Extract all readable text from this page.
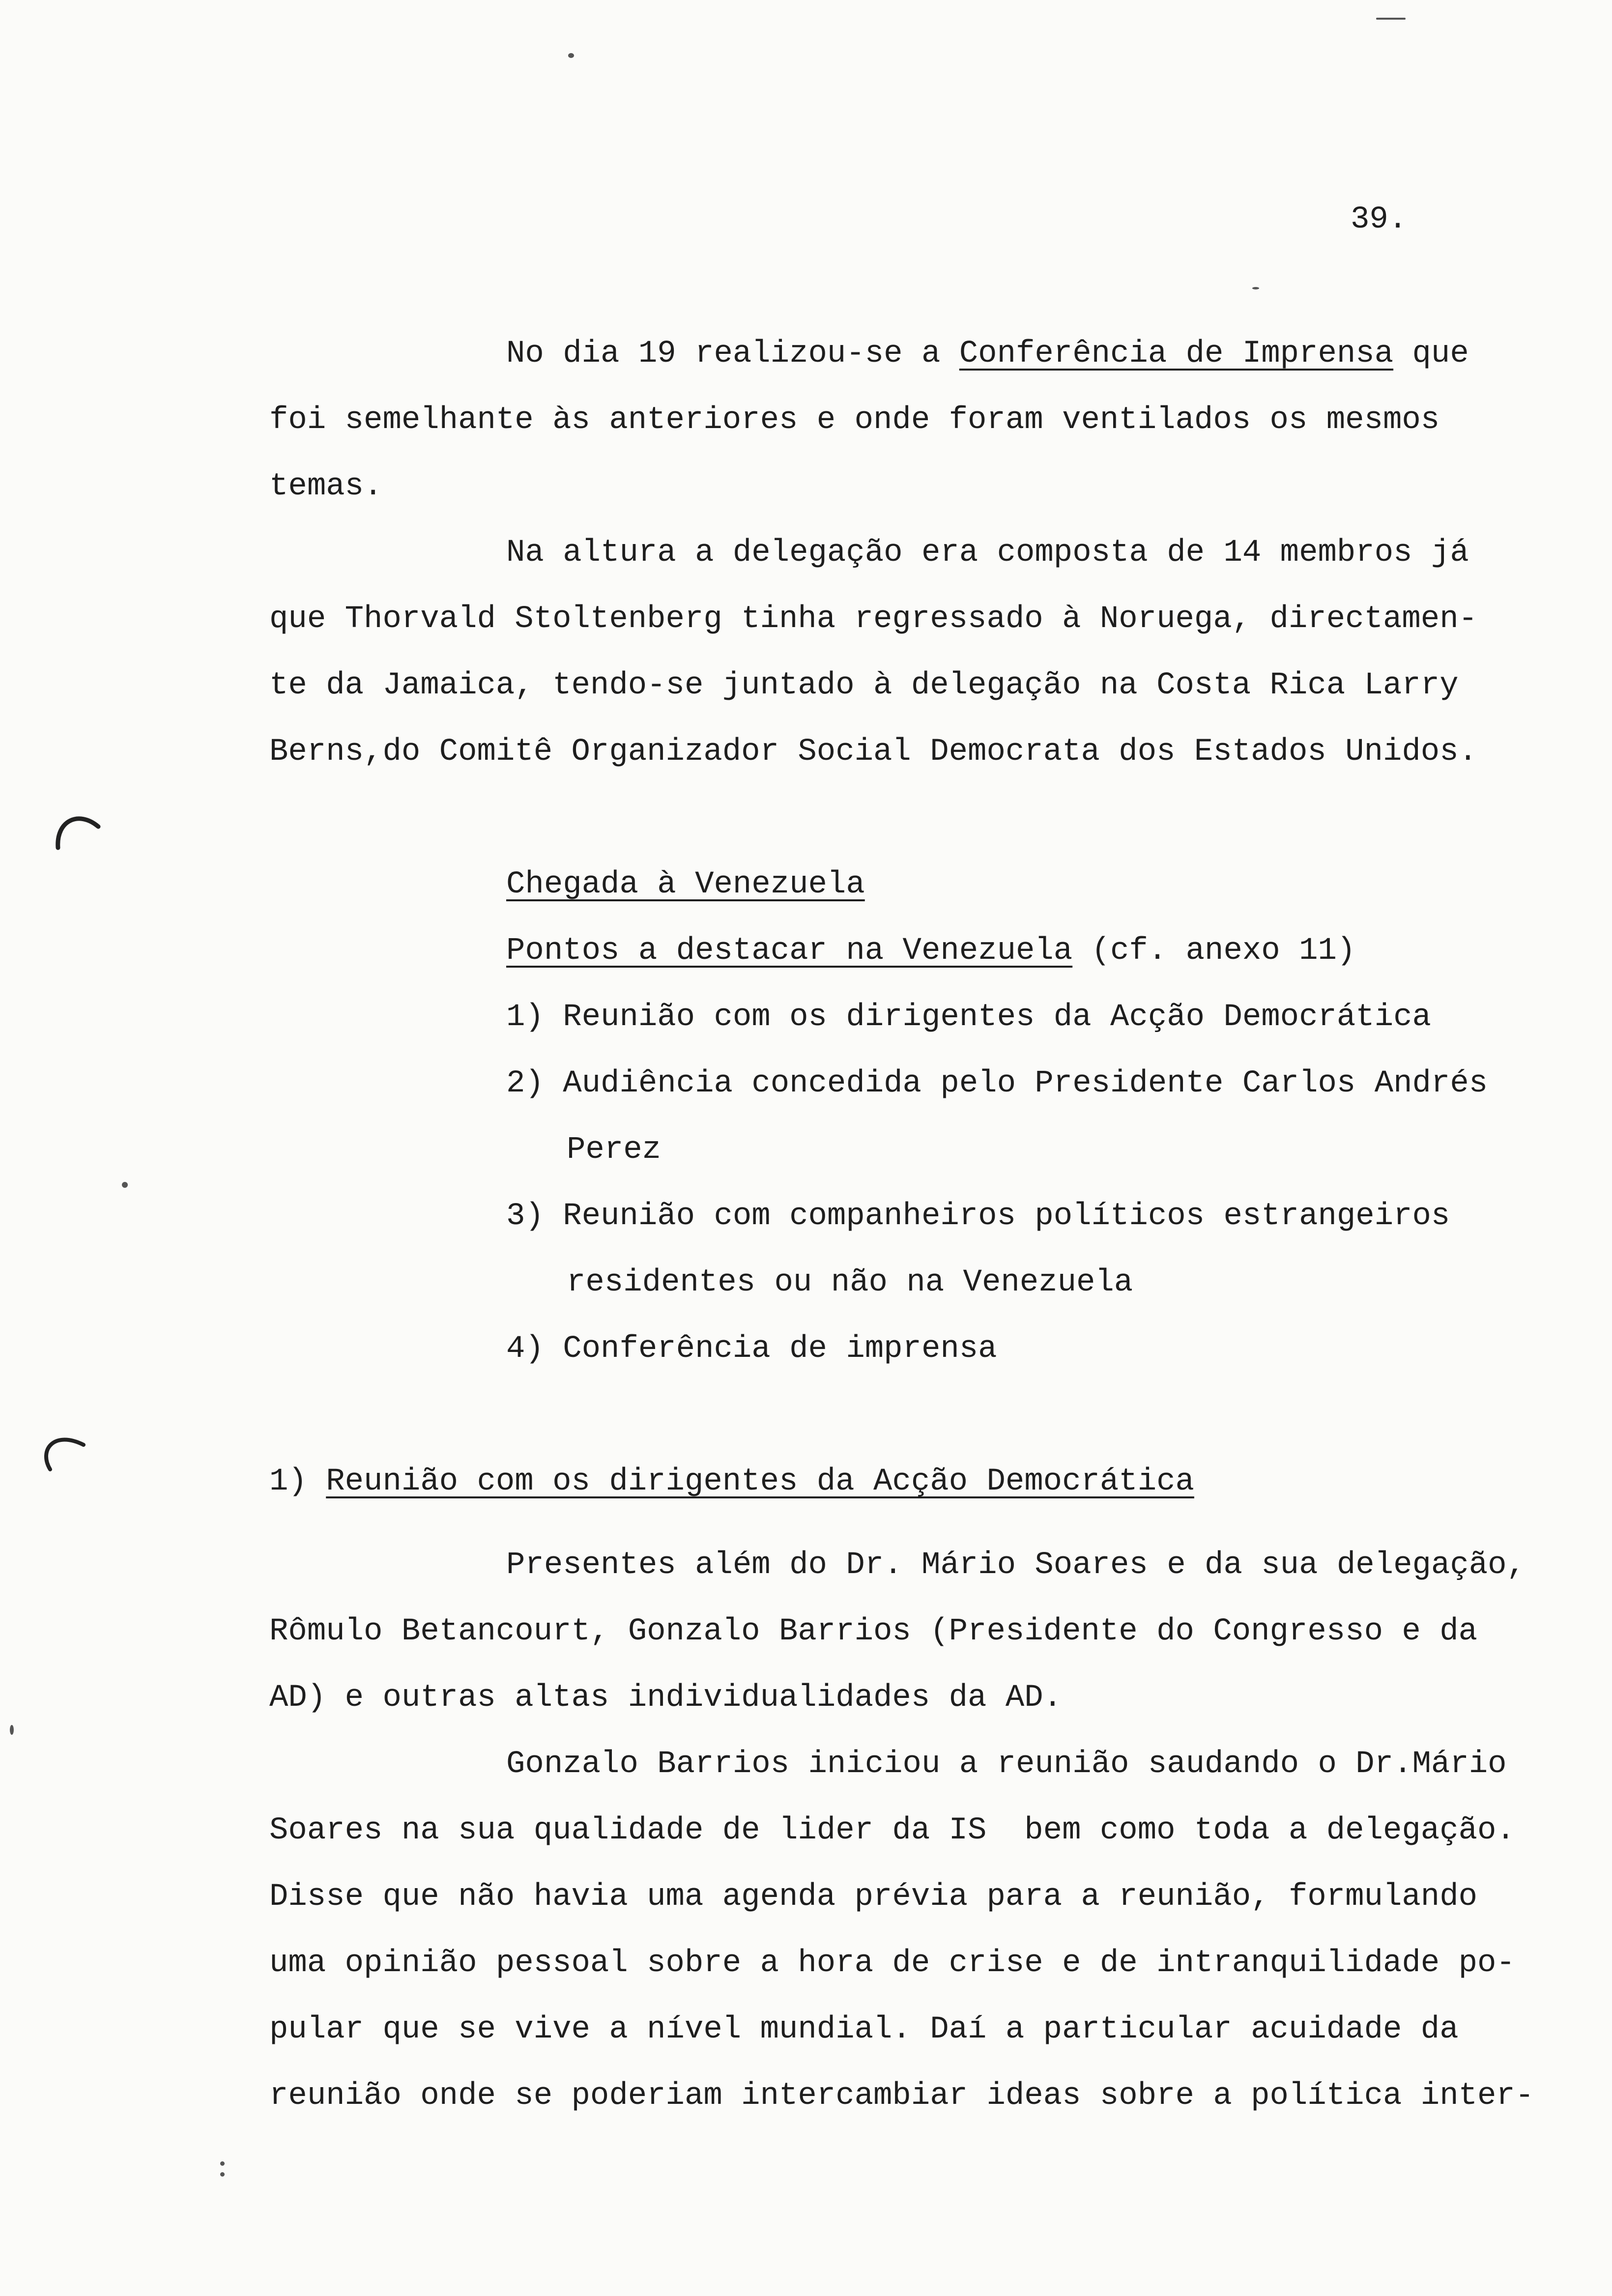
39.
No dia 19 realizou-se a Conferência de Imprensa que
foi semelhante às anteriores e onde foram ventilados os mesmos
temas.
Na altura a delegação era composta de 14 membros já
que Thorvald Stoltenberg tinha regressado à Noruega, directamen-
te da Jamaica, tendo-se juntado à delegação na Costa Rica Larry
Berns,do Comitê Organizador Social Democrata dos Estados Unidos.
Chegada à Venezuela
Pontos a destacar na Venezuela (cf. anexo 11)
1) Reunião com os dirigentes da Acção Democrática
2) Audiência concedida pelo Presidente Carlos Andrés
Perez
3) Reunião com companheiros políticos estrangeiros
residentes ou não na Venezuela
4) Conferência de imprensa
1) Reunião com os dirigentes da Acção Democrática
Presentes além do Dr. Mário Soares e da sua delegação,
Rômulo Betancourt, Gonzalo Barrios (Presidente do Congresso e da
AD) e outras altas individualidades da AD.
Gonzalo Barrios iniciou a reunião saudando o Dr.Mário
Soares na sua qualidade de lider da IS  bem como toda a delegação.
Disse que não havia uma agenda prévia para a reunião, formulando
uma opinião pessoal sobre a hora de crise e de intranquilidade po-
pular que se vive a nível mundial. Daí a particular acuidade da
reunião onde se poderiam intercambiar ideas sobre a política inter-
